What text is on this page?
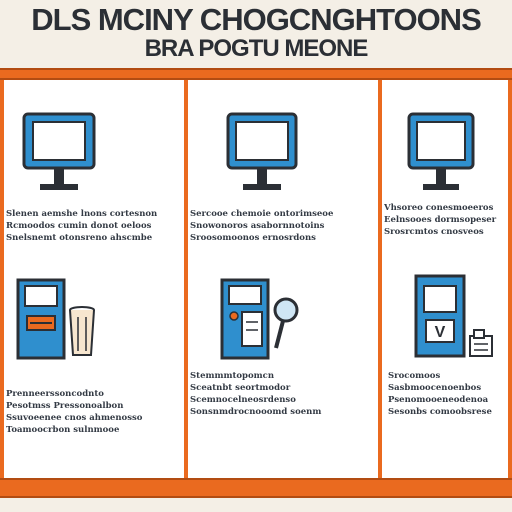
DLS MCINY CHOGCNGHTOONS
BRA POGTU MEONE
Slenen aemshe lnons cortesnon
Rcmoodos cumin donot oeloos
Snelsnemt otonsreno ahscmbe
Prenneerssoncodnto
Pesotmss Pressonoalbon
Ssuvoeenee cnos ahmenosso
Toamoocrbon sulnmooe
Sercooe chemoie ontorimseoe
Snowonoros asabornnotoins
Sroosomoonos ernosrdons
Stemmmtopomcn
Sceatnbt seortmodor
Scemnocelneosrdenso
Sonsnmdrocnooomd soenm
Vhsoreo conesmoeeros
Eelnsooes dormsopeser
Srosrcmtos cnosveos
V
Srocomoos
Sasbmoocenoenbos
Psenomooeneodenoa
Sesonbs comoobsrese
